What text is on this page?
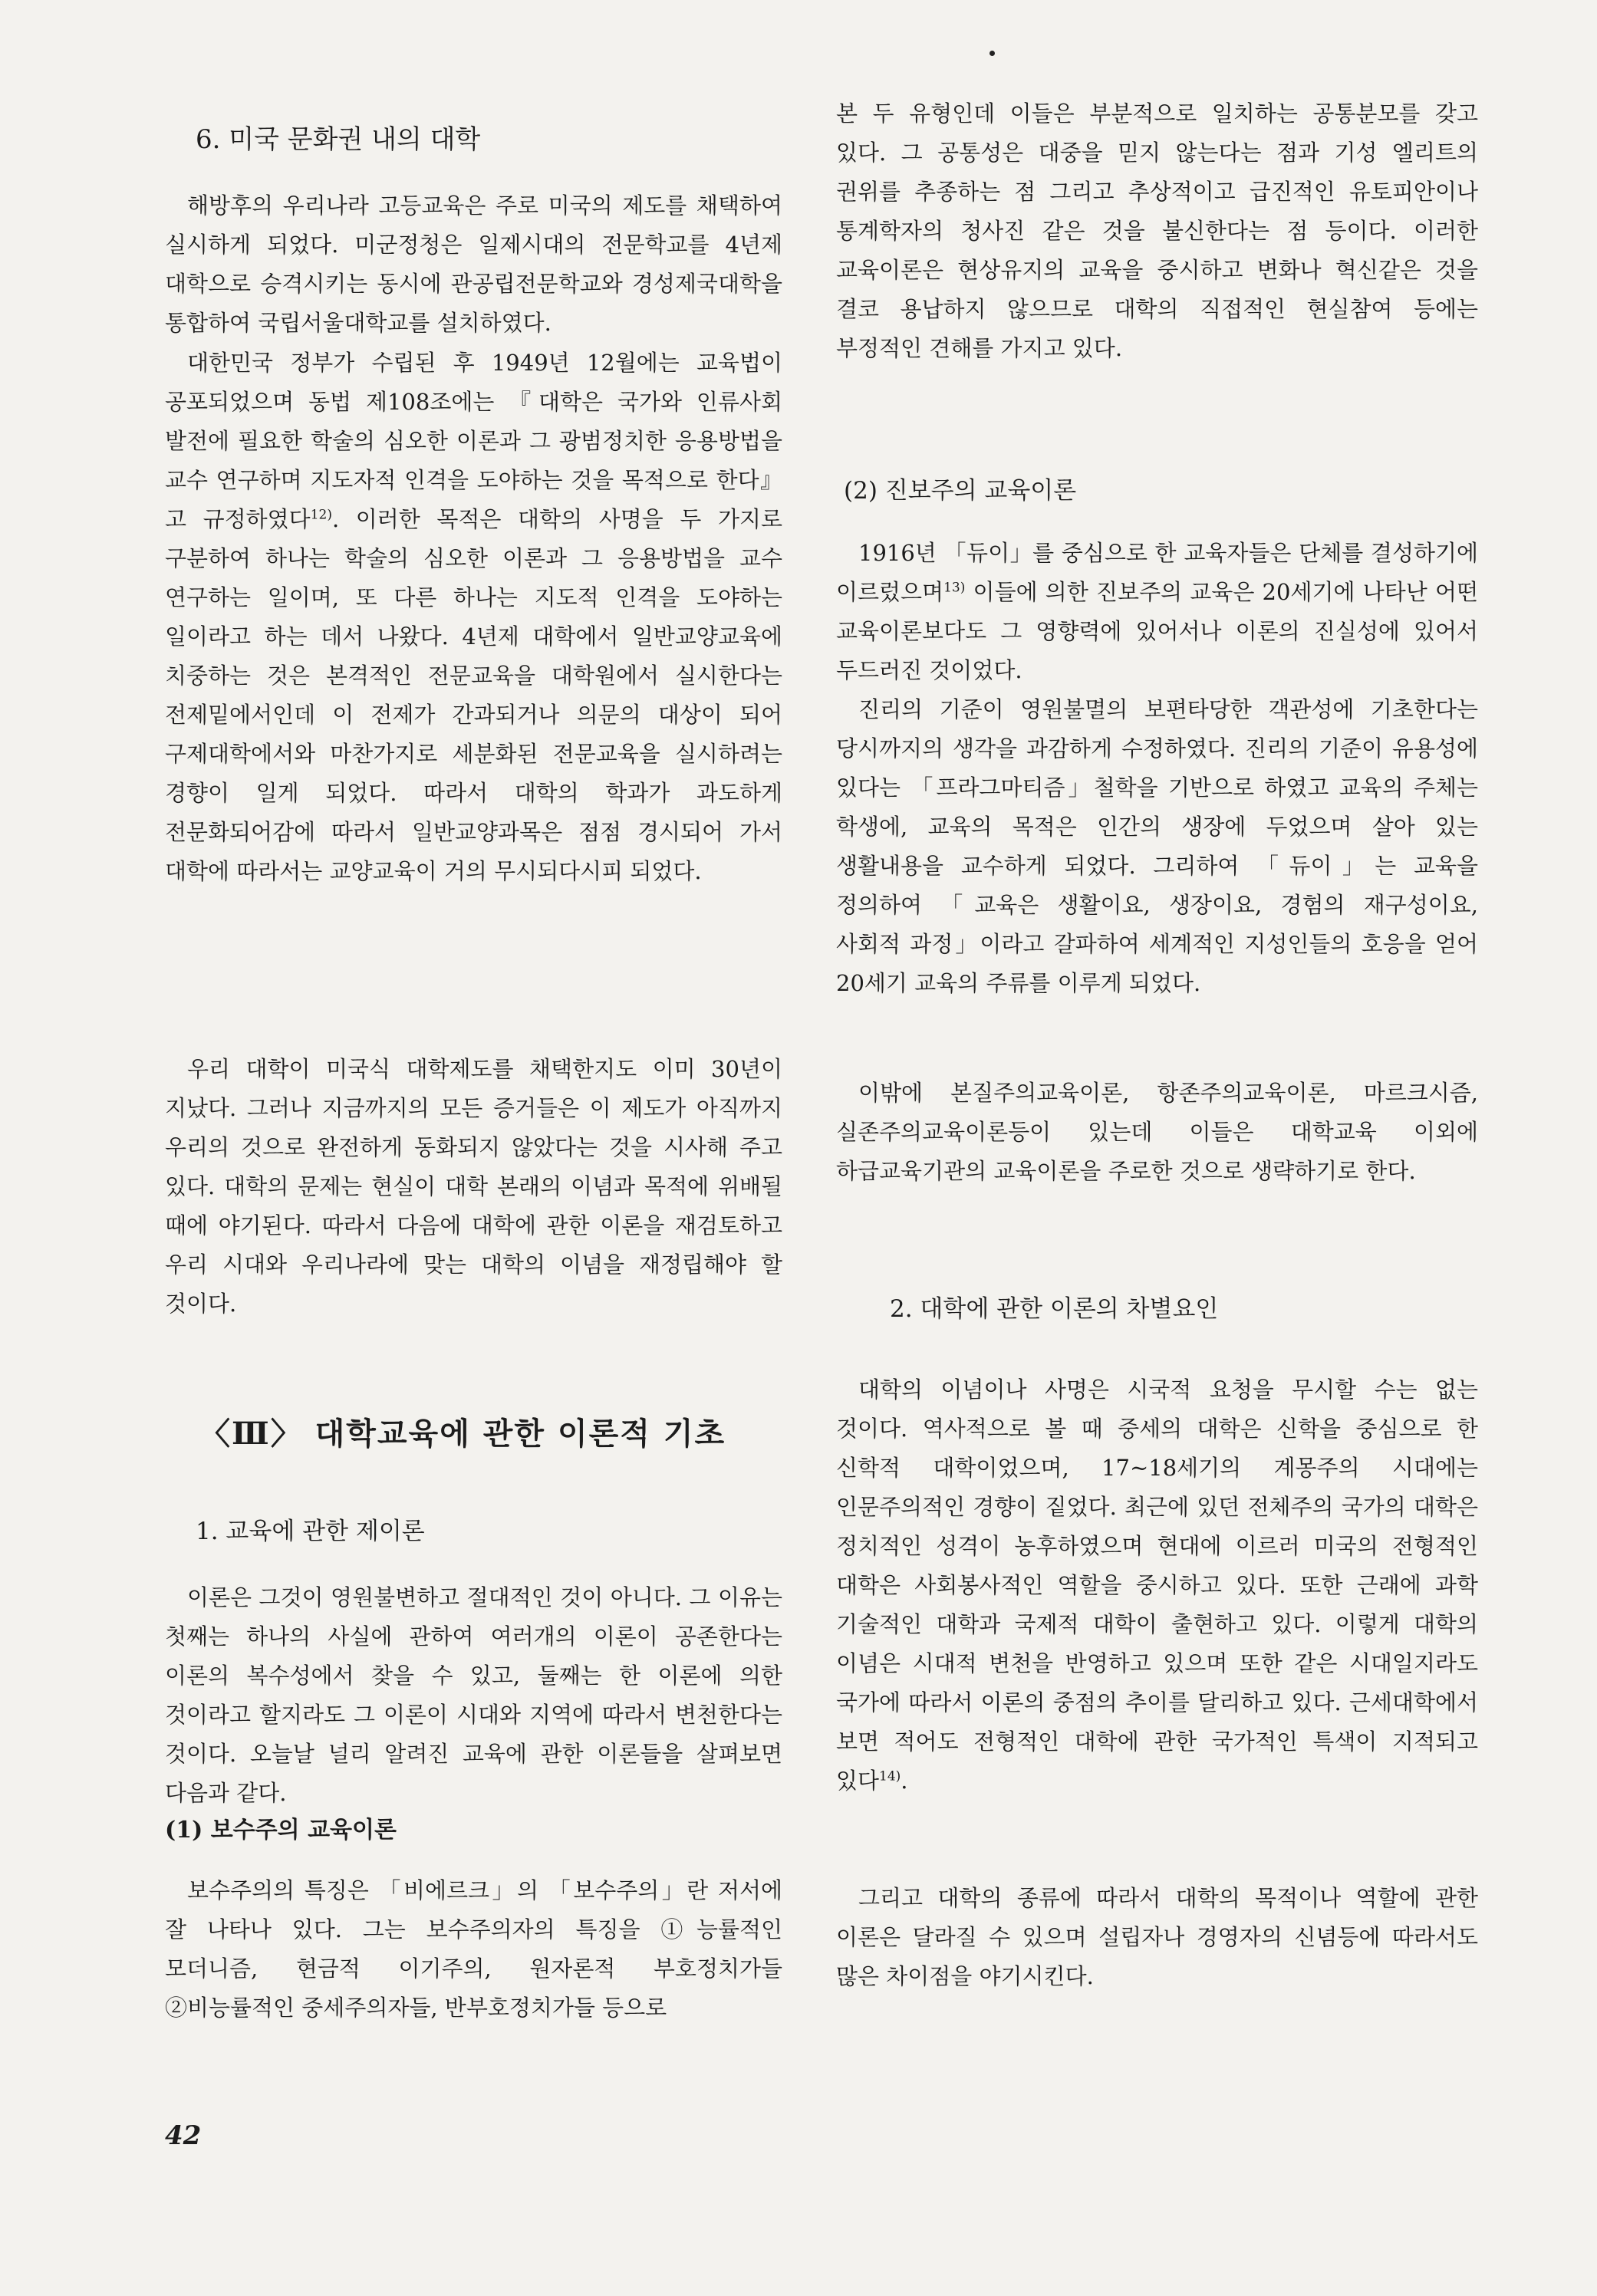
6. 미국 문화권 내의 대학
해방후의 우리나라 고등교육은 주로 미국의 제도를 채택하여 실시하게 되었다. 미군정청은 일제시대의 전문학교를 4년제 대학으로 승격시키는 동시에 관공립전문학교와 경성제국대학을 통합하여 국립서울대학교를 설치하였다.
대한민국 정부가 수립된 후 1949년 12월에는 교육법이 공포되었으며 동법 제108조에는 『대학은 국가와 인류사회 발전에 필요한 학술의 심오한 이론과 그 광범정치한 응용방법을 교수 연구하며 지도자적 인격을 도야하는 것을 목적으로 한다』고 규정하였다$^{12)}$. 이러한 목적은 대학의 사명을 두 가지로 구분하여 하나는 학술의 심오한 이론과 그 응용방법을 교수 연구하는 일이며, 또 다른 하나는 지도적 인격을 도야하는 일이라고 하는 데서 나왔다. 4년제 대학에서 일반교양교육에 치중하는 것은 본격적인 전문교육을 대학원에서 실시한다는 전제밑에서인데 이 전제가 간과되거나 의문의 대상이 되어 구제대학에서와 마찬가지로 세분화된 전문교육을 실시하려는 경향이 일게 되었다. 따라서 대학의 학과가 과도하게 전문화되어감에 따라서 일반교양과목은 점점 경시되어 가서 대학에 따라서는 교양교육이 거의 무시되다시피 되었다.
우리 대학이 미국식 대학제도를 채택한지도 이미 30년이 지났다. 그러나 지금까지의 모든 증거들은 이 제도가 아직까지 우리의 것으로 완전하게 동화되지 않았다는 것을 시사해 주고 있다. 대학의 문제는 현실이 대학 본래의 이념과 목적에 위배될 때에 야기된다. 따라서 다음에 대학에 관한 이론을 재검토하고 우리 시대와 우리나라에 맞는 대학의 이념을 재정립해야 할 것이다.
〈Ⅲ〉 대학교육에 관한 이론적 기초
1. 교육에 관한 제이론
이론은 그것이 영원불변하고 절대적인 것이 아니다. 그 이유는 첫째는 하나의 사실에 관하여 여러개의 이론이 공존한다는 이론의 복수성에서 찾을 수 있고, 둘째는 한 이론에 의한 것이라고 할지라도 그 이론이 시대와 지역에 따라서 변천한다는 것이다. 오늘날 널리 알려진 교육에 관한 이론들을 살펴보면 다음과 같다.
(1) 보수주의 교육이론
보수주의의 특징은 「비에르크」의 「보수주의」란 저서에 잘 나타나 있다. 그는 보수주의자의 특징을 ①능률적인 모더니즘, 현금적 이기주의, 원자론적 부호정치가들 ②비능률적인 중세주의자들, 반부호정치가들 등으로
본 두 유형인데 이들은 부분적으로 일치하는 공통분모를 갖고 있다. 그 공통성은 대중을 믿지 않는다는 점과 기성 엘리트의 권위를 추종하는 점 그리고 추상적이고 급진적인 유토피안이나 통계학자의 청사진 같은 것을 불신한다는 점 등이다. 이러한 교육이론은 현상유지의 교육을 중시하고 변화나 혁신같은 것을 결코 용납하지 않으므로 대학의 직접적인 현실참여 등에는 부정적인 견해를 가지고 있다.
(2) 진보주의 교육이론
1916년 「듀이」를 중심으로 한 교육자들은 단체를 결성하기에 이르렀으며$^{13)}$ 이들에 의한 진보주의 교육은 20세기에 나타난 어떤 교육이론보다도 그 영향력에 있어서나 이론의 진실성에 있어서 두드러진 것이었다.
진리의 기준이 영원불멸의 보편타당한 객관성에 기초한다는 당시까지의 생각을 과감하게 수정하였다. 진리의 기준이 유용성에 있다는 「프라그마티즘」철학을 기반으로 하였고 교육의 주체는 학생에, 교육의 목적은 인간의 생장에 두었으며 살아 있는 생활내용을 교수하게 되었다. 그리하여 「듀이」는 교육을 정의하여 「교육은 생활이요, 생장이요, 경험의 재구성이요, 사회적 과정」이라고 갈파하여 세계적인 지성인들의 호응을 얻어 20세기 교육의 주류를 이루게 되었다.
이밖에 본질주의교육이론, 항존주의교육이론, 마르크시즘, 실존주의교육이론등이 있는데 이들은 대학교육 이외에 하급교육기관의 교육이론을 주로한 것으로 생략하기로 한다.
2. 대학에 관한 이론의 차별요인
대학의 이념이나 사명은 시국적 요청을 무시할 수는 없는 것이다. 역사적으로 볼 때 중세의 대학은 신학을 중심으로 한 신학적 대학이었으며, 17~18세기의 계몽주의 시대에는 인문주의적인 경향이 짙었다. 최근에 있던 전체주의 국가의 대학은 정치적인 성격이 농후하였으며 현대에 이르러 미국의 전형적인 대학은 사회봉사적인 역할을 중시하고 있다. 또한 근래에 과학 기술적인 대학과 국제적 대학이 출현하고 있다. 이렇게 대학의 이념은 시대적 변천을 반영하고 있으며 또한 같은 시대일지라도 국가에 따라서 이론의 중점의 추이를 달리하고 있다. 근세대학에서 보면 적어도 전형적인 대학에 관한 국가적인 특색이 지적되고 있다$^{14)}$.
그리고 대학의 종류에 따라서 대학의 목적이나 역할에 관한 이론은 달라질 수 있으며 설립자나 경영자의 신념등에 따라서도 많은 차이점을 야기시킨다.
42
